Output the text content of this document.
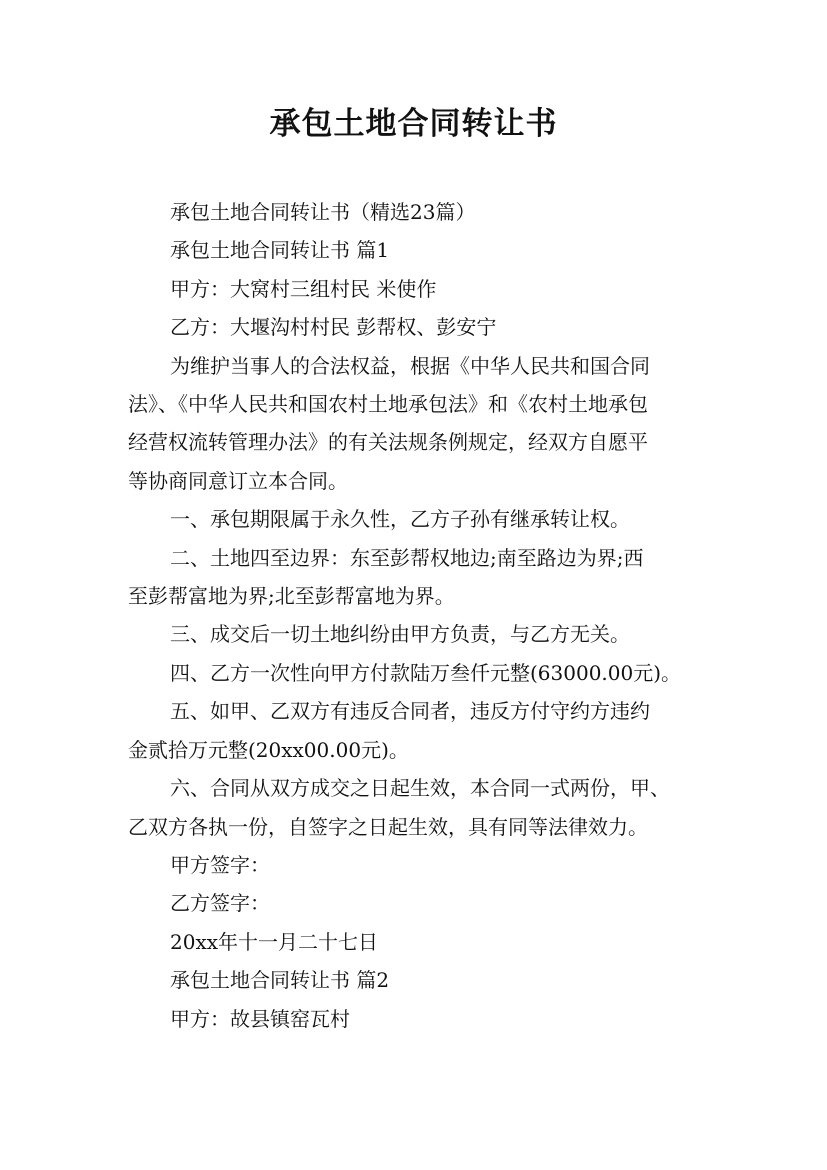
承包土地合同转让书

承包土地合同转让书（精选23篇）

承包土地合同转让书 篇1

甲方：大窝村三组村民 米使作

乙方：大堰沟村村民 彭帮权、彭安宁

为维护当事人的合法权益，根据《中华人民共和国合同
法》、《中华人民共和国农村土地承包法》和《农村土地承包
经营权流转管理办法》的有关法规条例规定，经双方自愿平
等协商同意订立本合同。

一、承包期限属于永久性，乙方子孙有继承转让权。

二、土地四至边界：东至彭帮权地边;南至路边为界;西
至彭帮富地为界;北至彭帮富地为界。

三、成交后一切土地纠纷由甲方负责，与乙方无关。

四、乙方一次性向甲方付款陆万叁仟元整(63000.00元)。

五、如甲、乙双方有违反合同者，违反方付守约方违约
金贰拾万元整(20xx00.00元)。

六、合同从双方成交之日起生效，本合同一式两份，甲、
乙双方各执一份，自签字之日起生效，具有同等法律效力。

甲方签字：

乙方签字：

20xx年十一月二十七日

承包土地合同转让书 篇2

甲方：故县镇窑瓦村
